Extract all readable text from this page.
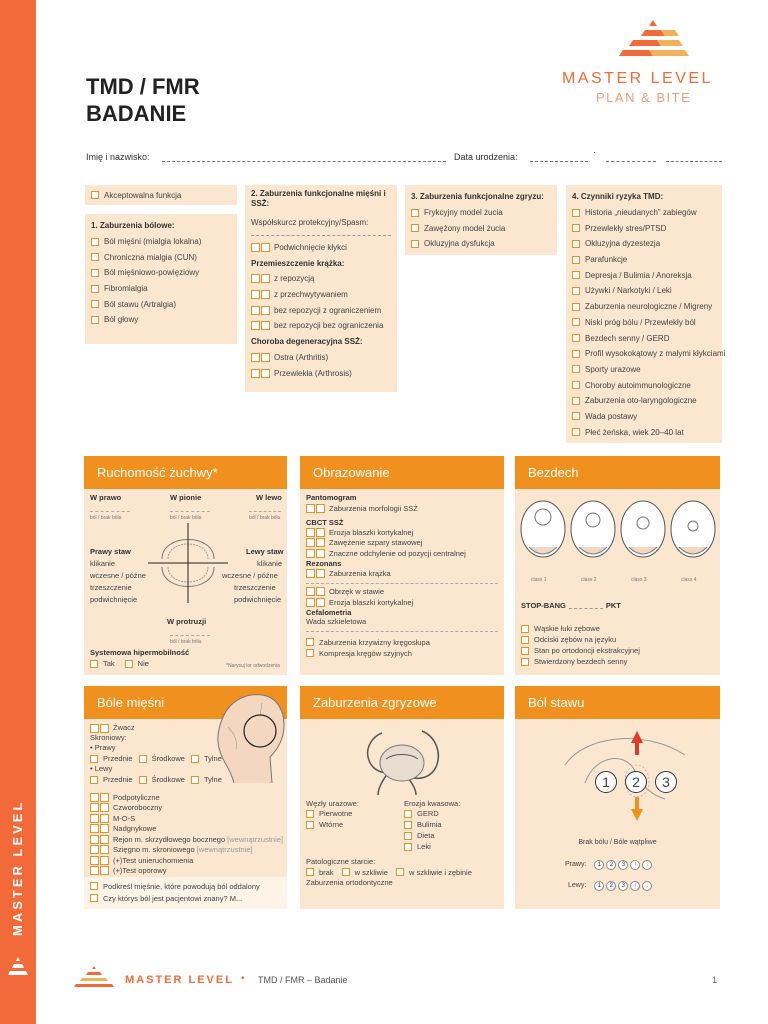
MASTER LEVEL
TMD / FMR
BADANIE
MASTER LEVEL
PLAN & BITE
Imię i nazwisko:	Data urodzenia:
Akceptowalna funkcja
1. Zaburzenia bólowe:
Ból mięśni (mialgia lokalna)
Chroniczna mialgia (CUN)
Ból mięśniowo-powięziowy
Fibromialgia
Ból stawu (Artralgia)
Ból głowy
2. Zaburzenia funkcjonalne mięśni i SSŻ:
Współskurcz protekcyjny/Spasm:
Podwichnięcie kłykci
Przemieszczenie krążka:
z repozycją
z przechwytywaniem
bez repozycji z ograniczeniem
bez repozycji bez ograniczenia
Choroba degeneracyjna SSŻ:
Ostra (Arthritis)
Przewlekła (Arthrosis)
3. Zaburzenia funkcjonalne zgryzu:
Frykcyjny model żucia
Zawężony model żucia
Okluzyjna dysfukcja
4. Czynniki ryzyka TMD:
Historia „nieudanych” zabiegów
Przewlekły stres/PTSD
Okluzyjna dyzestezja
Parafunkcje
Depresja / Bulimia / Anoreksja
Używki / Narkotyki / Leki
Zaburzenia neurologiczne / Migreny
Niski próg bólu / Przewlekły ból
Bezdech senny / GERD
Profil wysokokątowy z małymi kłykciami
Sporty urazowe
Choroby autoimmunologiczne
Zaburzenia oto-laryngologiczne
Wada postawy
Płeć żeńska, wiek 20–40 lat
Ruchomość żuchwy*
W prawo	W pionie	W lewo
ból / brak bólu	ból / brak bólu	ból / brak bólu
Prawy staw
klikanie
wczesne / późne
trzeszczenie
podwichnięcie
Lewy staw
klikanie
wczesne / późne
trzeszczenie
podwichnięcie
W protruzji
ból / brak bólu
Systemowa hipermobilność
Tak	Nie	*Narysuj lor odwodzenia
Obrazowanie
Pantomogram
Zaburzenia morfologii SSŻ
CBCT SSŻ
Erozja blaszki kortykalnej
Zawężenie szpary stawowej
Znaczne odchylenie od pozycji centralnej
Rezonans
Zaburzenia krążka
Obrzęk w stawie
Erozja blaszki kortykalnej
Cefalometria
Wada szkieletowa
Zaburzenia krzywizny kręgosłupa
Kompresja kręgów szyjnych
Bezdech
class 1	class 2	class 3	class 4
STOP-BANG	PKT
Wąskie łuki zębowe
Odciski zębów na języku
Stan po ortodoncji ekstrakcyjnej
Stwierdzony bezdech senny
Bóle mięśni
Żwacz
Skroniowy:
• Prawy
Przednie	Środkowe	Tylne
• Lewy
Przednie	Środkowe	Tylne
Podpotyliczne
Czworoboczny
M-O-S
Nadgnykowe
Rejon m. skrzydłowego bocznego [wewnątrzustnie]
Szięgno m. skroniowego [wewnątrzustnie]
(+)Test unieruchomienia
(+)Test oporowy
Podkreśl mięśnie, które powodują ból oddalony
Czy którys ból jest pacjentowi znany? M...
Zaburzenia zgryzowe
Węzły urazowe:
Pierwotne
Wtórne
Erozja kwasowa:
GERD
Bulimia
Dieta
Leki
Patologiczne starcie:
brak	w szkliwie	w szkliwie i zębinie
Zaburzenia ortodontyczne
Ból stawu
1	2	3
Brak bólu / Bóle wątpliwe
Prawy:	1 2 3 ↑ ↓
Lewy:	1 2 3 ↑ ↓
MASTER LEVEL • TMD / FMR – Badanie	1
